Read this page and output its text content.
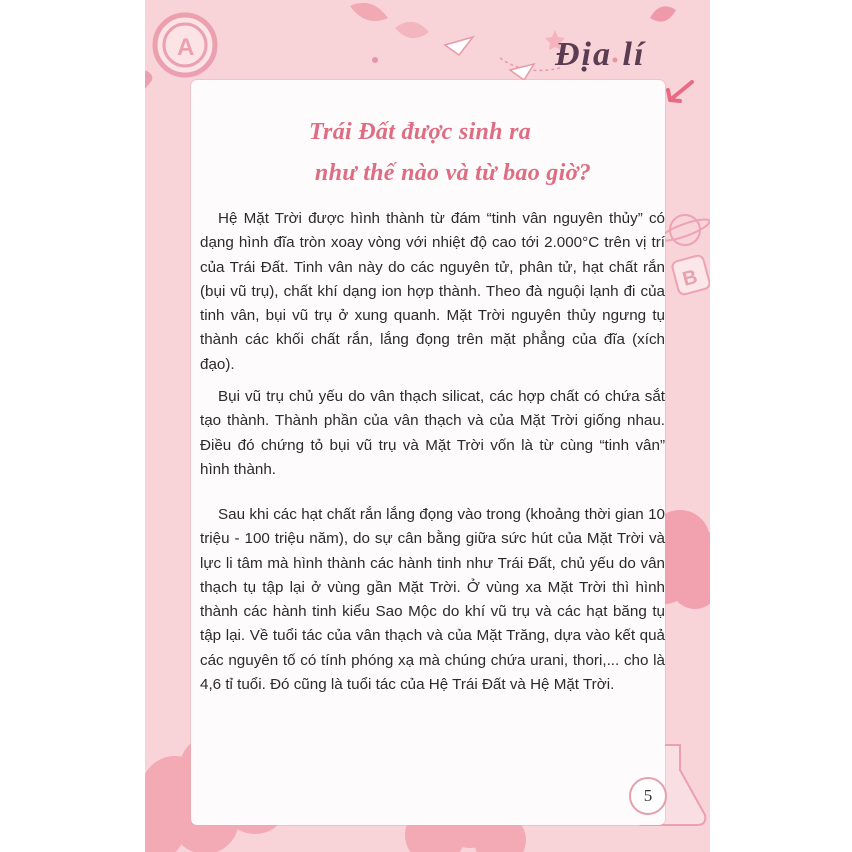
A
B
Địa lí
Trái Đất được sinh ra
như thế nào và từ bao giờ?

Hệ Mặt Trời được hình thành từ đám “tinh vân nguyên thủy” có dạng hình đĩa tròn xoay vòng với nhiệt độ cao tới 2.000°C trên vị trí của Trái Đất. Tinh vân này do các nguyên tử, phân tử, hạt chất rắn (bụi vũ trụ), chất khí dạng ion hợp thành. Theo đà nguội lạnh đi của tinh vân, bụi vũ trụ ở xung quanh. Mặt Trời nguyên thủy ngưng tụ thành các khối chất rắn, lắng đọng trên mặt phẳng của đĩa (xích đạo).

Bụi vũ trụ chủ yếu do vân thạch silicat, các hợp chất có chứa sắt tạo thành. Thành phần của vân thạch và của Mặt Trời giống nhau. Điều đó chứng tỏ bụi vũ trụ và Mặt Trời vốn là từ cùng “tinh vân” hình thành.

Sau khi các hạt chất rắn lắng đọng vào trong (khoảng thời gian 10 triệu - 100 triệu năm), do sự cân bằng giữa sức hút của Mặt Trời và lực li tâm mà hình thành các hành tinh như Trái Đất, chủ yếu do vân thạch tụ tập lại ở vùng gần Mặt Trời. Ở vùng xa Mặt Trời thì hình thành các hành tinh kiểu Sao Mộc do khí vũ trụ và các hạt băng tụ tập lại. Về tuổi tác của vân thạch và của Mặt Trăng, dựa vào kết quả các nguyên tố có tính phóng xạ mà chúng chứa urani, thori,... cho là 4,6 tỉ tuổi. Đó cũng là tuổi tác của Hệ Trái Đất và Hệ Mặt Trời.

5
